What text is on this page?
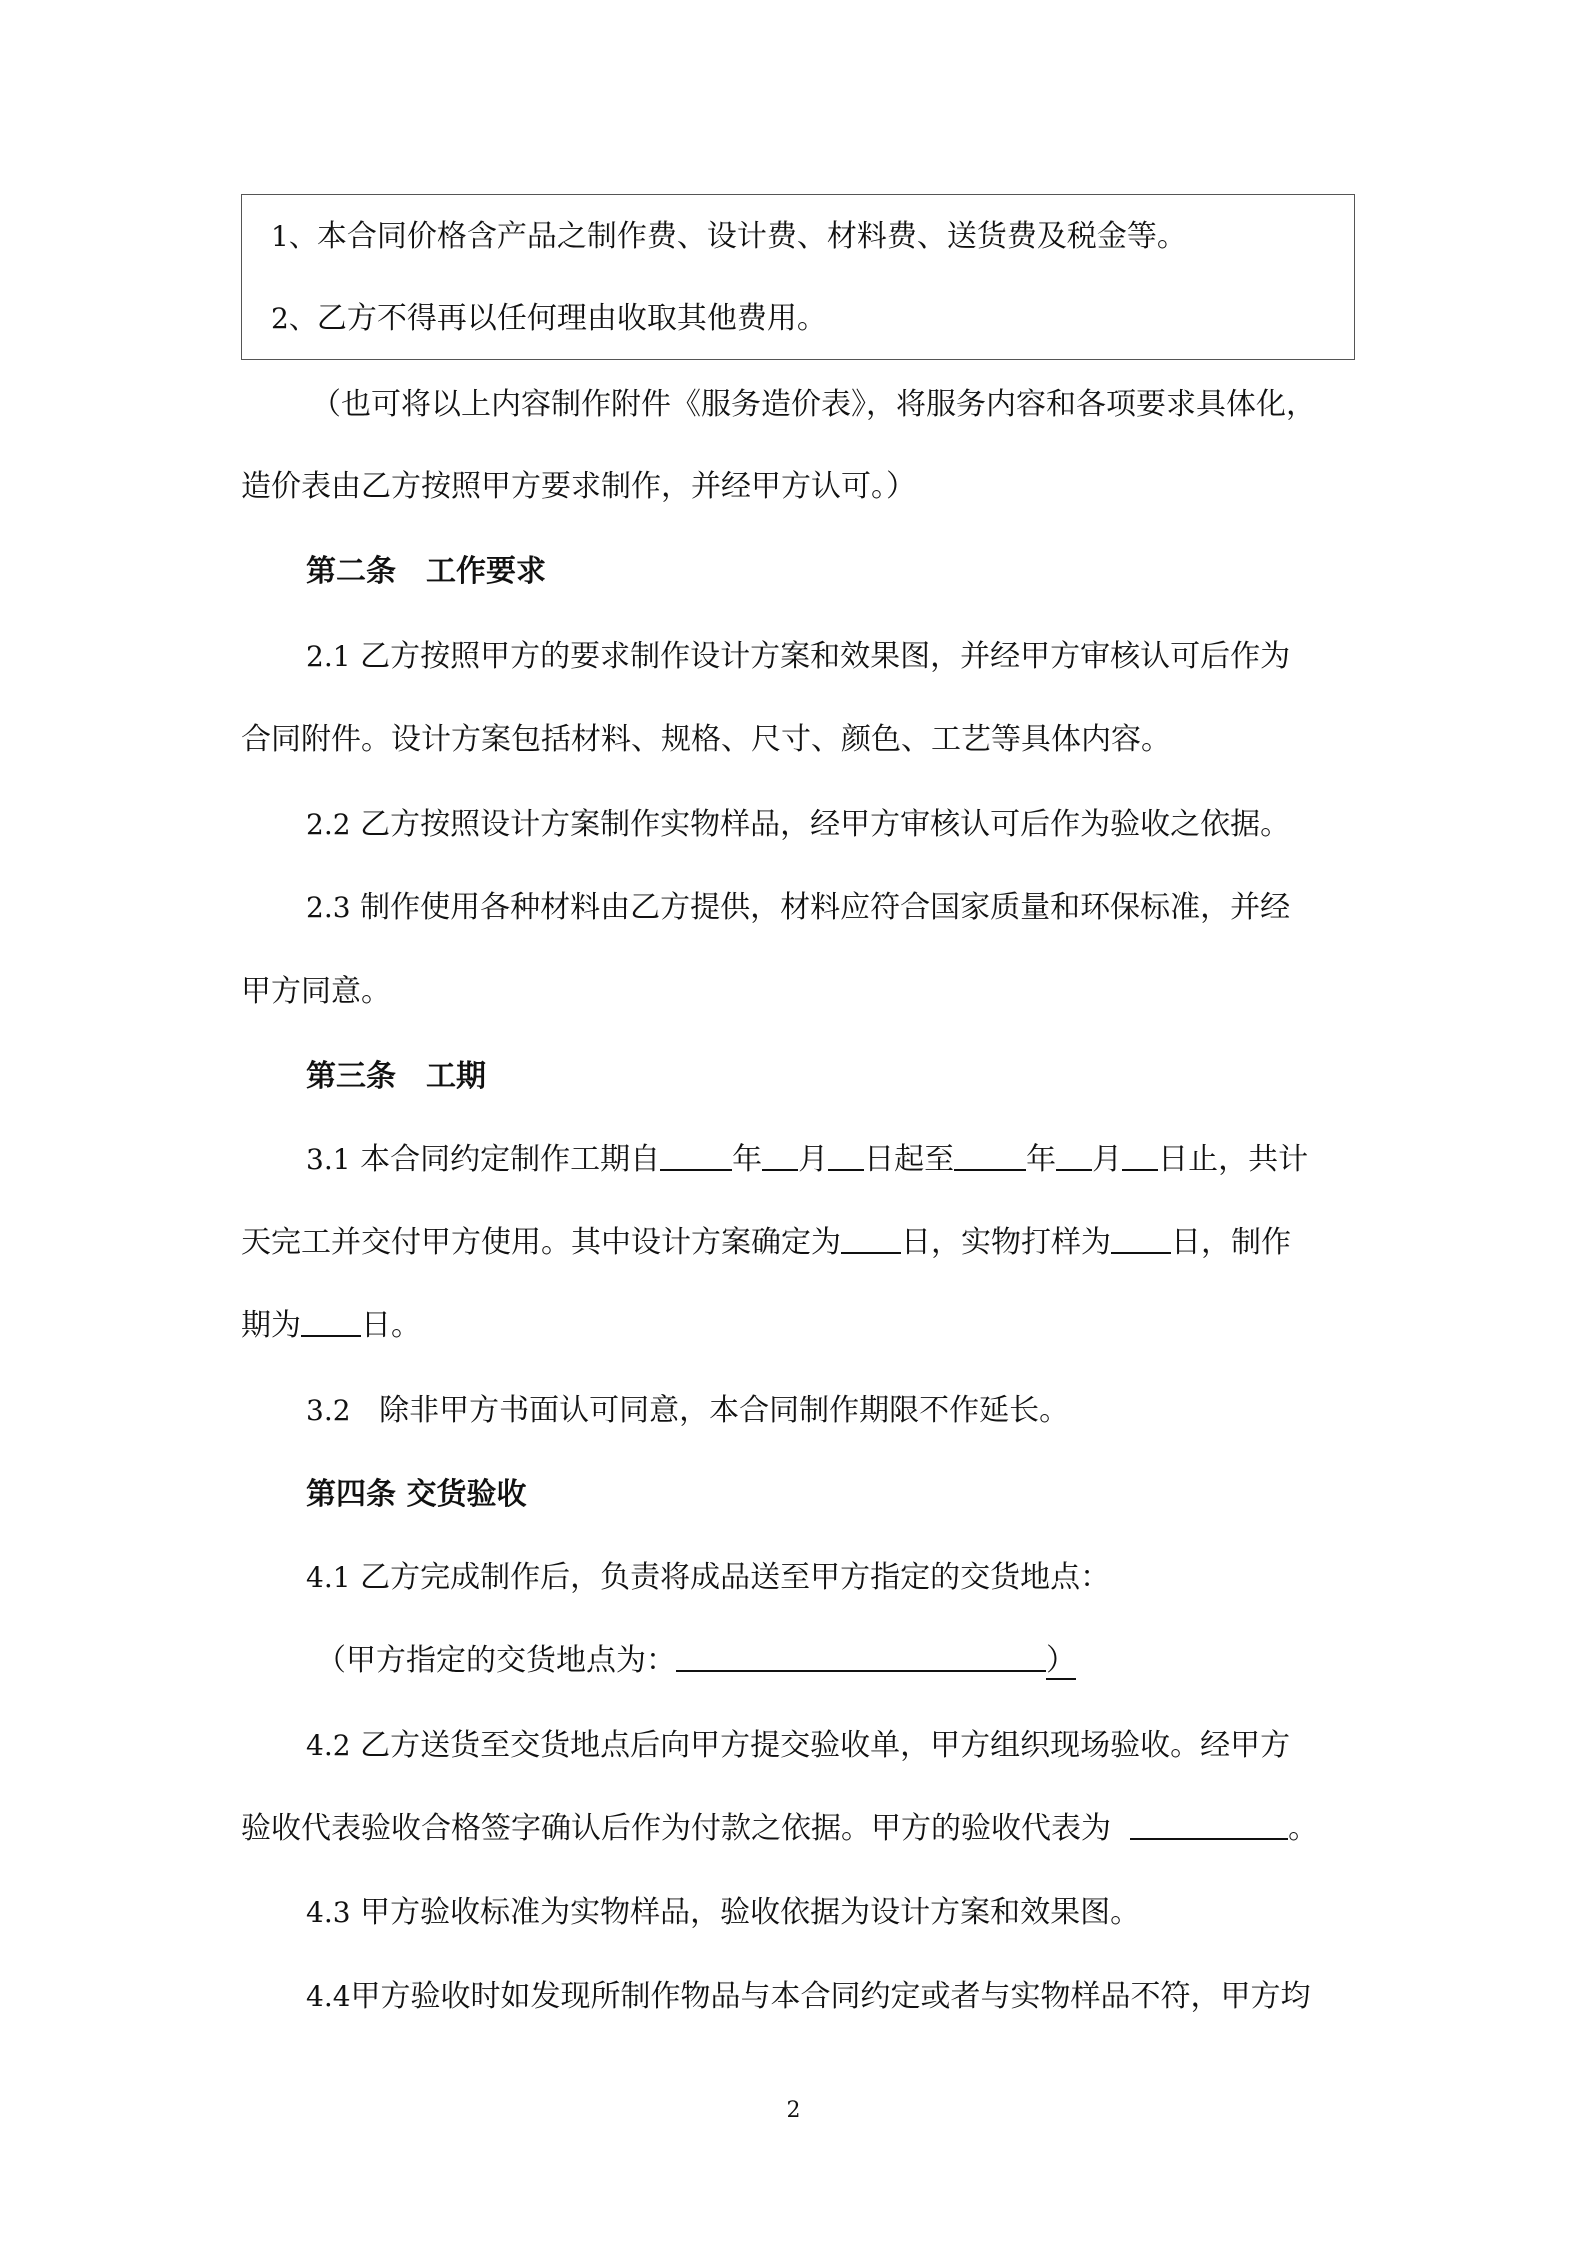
1、本合同价格含产品之制作费、设计费、材料费、送货费及税金等。
2、乙方不得再以任何理由收取其他费用。
（也可将以上内容制作附件《服务造价表》，将服务内容和各项要求具体化，
造价表由乙方按照甲方要求制作，并经甲方认可。）
第二条　工作要求
2.1 乙方按照甲方的要求制作设计方案和效果图，并经甲方审核认可后作为
合同附件。设计方案包括材料、规格、尺寸、颜色、工艺等具体内容。
2.2 乙方按照设计方案制作实物样品，经甲方审核认可后作为验收之依据。
2.3 制作使用各种材料由乙方提供，材料应符合国家质量和环保标准，并经
甲方同意。
第三条　工期
3.1 本合同约定制作工期自 年 月 日起至 年 月 日止，共计
天完工并交付甲方使用。其中设计方案确定为 日，实物打样为 日，制作
期为 日。
3.2 除非甲方书面认可同意，本合同制作期限不作延长。
第四条 交货验收
4.1 乙方完成制作后，负责将成品送至甲方指定的交货地点：
（甲方指定的交货地点为：	）
4.2 乙方送货至交货地点后向甲方提交验收单，甲方组织现场验收。经甲方
验收代表验收合格签字确认后作为付款之依据。甲方的验收代表为	。
4.3 甲方验收标准为实物样品，验收依据为设计方案和效果图。
4.4甲方验收时如发现所制作物品与本合同约定或者与实物样品不符，甲方均
2
